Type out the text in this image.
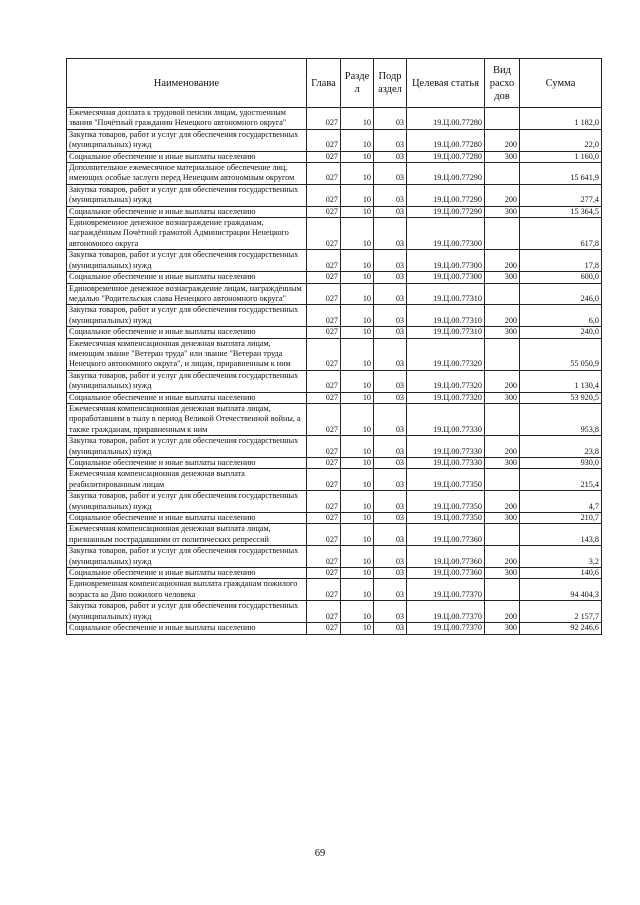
Наименование	Глава	Разде л	Подр аздел	Целевая статья	Вид расхо дов	Сумма
Ежемесячная доплата к трудовой пенсии лицам, удостоенным звания "Почётный гражданин Ненецкого автономного округа"	027	10	03	19.Ц.00.77280		1 182,0
Закупка товаров, работ и услуг для обеспечения государственных (муниципальных) нужд	027	10	03	19.Ц.00.77280	200	22,0
Социальное обеспечение и иные выплаты населению	027	10	03	19.Ц.00.77280	300	1 160,0
Дополнительное ежемесячное материальное обеспечение лиц, имеющих особые заслуги перед Ненецким автономным округом	027	10	03	19.Ц.00.77290		15 641,9
Закупка товаров, работ и услуг для обеспечения государственных (муниципальных) нужд	027	10	03	19.Ц.00.77290	200	277,4
Социальное обеспечение и иные выплаты населению	027	10	03	19.Ц.00.77290	300	15 364,5
Единовременное денежное вознаграждение гражданам, награждённым Почётной грамотой Администрации Ненецкого автономного округа	027	10	03	19.Ц.00.77300		617,8
Закупка товаров, работ и услуг для обеспечения государственных (муниципальных) нужд	027	10	03	19.Ц.00.77300	200	17,8
Социальное обеспечение и иные выплаты населению	027	10	03	19.Ц.00.77300	300	600,0
Единовременное денежное вознаграждение лицам, награждённым медалью "Родительская слава Ненецкого автономного округа"	027	10	03	19.Ц.00.77310		246,0
Закупка товаров, работ и услуг для обеспечения государственных (муниципальных) нужд	027	10	03	19.Ц.00.77310	200	6,0
Социальное обеспечение и иные выплаты населению	027	10	03	19.Ц.00.77310	300	240,0
Ежемесячная компенсационная денежная выплата лицам, имеющим звание "Ветеран труда" или звание "Ветеран труда Ненецкого автономного округа", и лицам, приравненным к ним	027	10	03	19.Ц.00.77320		55 050,9
Закупка товаров, работ и услуг для обеспечения государственных (муниципальных) нужд	027	10	03	19.Ц.00.77320	200	1 130,4
Социальное обеспечение и иные выплаты населению	027	10	03	19.Ц.00.77320	300	53 920,5
Ежемесячная компенсационная денежная выплата лицам, проработавшим в тылу в период Великой Отечественной войны, а также гражданам, приравненным к ним	027	10	03	19.Ц.00.77330		953,8
Закупка товаров, работ и услуг для обеспечения государственных (муниципальных) нужд	027	10	03	19.Ц.00.77330	200	23,8
Социальное обеспечение и иные выплаты населению	027	10	03	19.Ц.00.77330	300	930,0
Ежемесячная компенсационная денежная выплата реабилитированным лицам	027	10	03	19.Ц.00.77350		215,4
Закупка товаров, работ и услуг для обеспечения государственных (муниципальных) нужд	027	10	03	19.Ц.00.77350	200	4,7
Социальное обеспечение и иные выплаты населению	027	10	03	19.Ц.00.77350	300	210,7
Ежемесячная компенсационная денежная выплата лицам, признанным пострадавшими от политических репрессий	027	10	03	19.Ц.00.77360		143,8
Закупка товаров, работ и услуг для обеспечения государственных (муниципальных) нужд	027	10	03	19.Ц.00.77360	200	3,2
Социальное обеспечение и иные выплаты населению	027	10	03	19.Ц.00.77360	300	140,6
Единовременная компенсационная выплата гражданам пожилого возраста ко Дню пожилого человека	027	10	03	19.Ц.00.77370		94 404,3
Закупка товаров, работ и услуг для обеспечения государственных (муниципальных) нужд	027	10	03	19.Ц.00.77370	200	2 157,7
Социальное обеспечение и иные выплаты населению	027	10	03	19.Ц.00.77370	300	92 246,6
69
